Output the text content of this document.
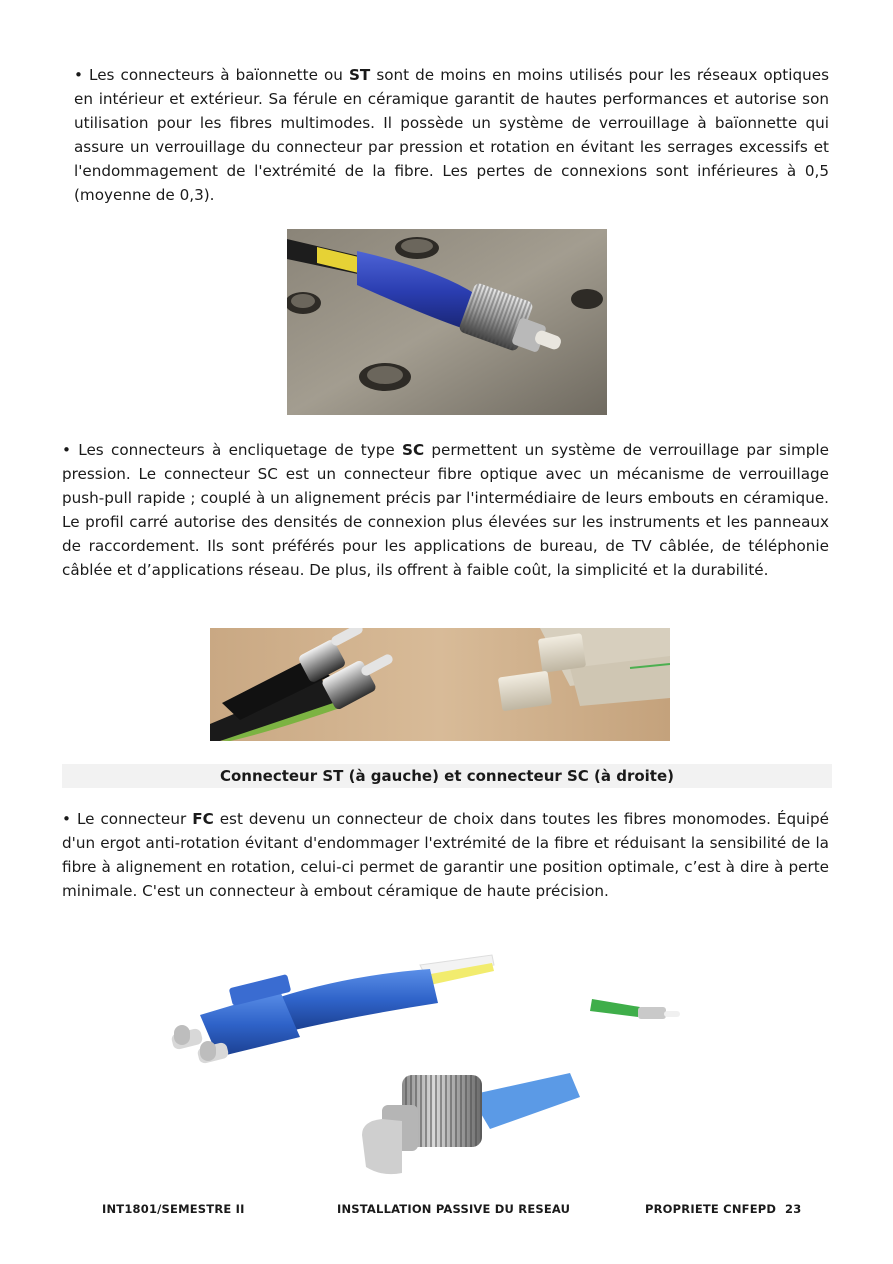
• Les connecteurs à baïonnette ou ST sont de moins en moins utilisés pour les réseaux optiques en intérieur et extérieur. Sa férule en céramique garantit de hautes performances et autorise son utilisation pour les fibres multimodes. Il possède un système de verrouillage à baïonnette qui assure un verrouillage du connecteur par pression et rotation en évitant les serrages excessifs et l'endommagement de l'extrémité de la fibre. Les pertes de connexions sont inférieures à 0,5 (moyenne de 0,3).
• Les connecteurs à encliquetage de type SC permettent un système de verrouillage par simple pression. Le connecteur SC est un connecteur fibre optique avec un mécanisme de verrouillage push-pull rapide ; couplé à un alignement précis par l'intermédiaire de leurs embouts en céramique. Le profil carré autorise des densités de connexion plus élevées sur les instruments et les panneaux de raccordement. Ils sont préférés pour les applications de bureau, de TV câblée, de téléphonie câblée et d’applications réseau. De plus, ils offrent à faible coût, la simplicité et la durabilité.
Connecteur ST (à gauche) et connecteur SC (à droite)
• Le connecteur FC est devenu un connecteur de choix dans toutes les fibres monomodes. Équipé d'un ergot anti-rotation évitant d'endommager l'extrémité de la fibre et réduisant la sensibilité de la fibre à alignement en rotation, celui-ci permet de garantir une position optimale, c’est à dire à perte minimale. C'est un connecteur à embout céramique de haute précision.
INT1801/SEMESTRE II	INSTALLATION PASSIVE DU RESEAU	PROPRIETE CNFEPD 23
